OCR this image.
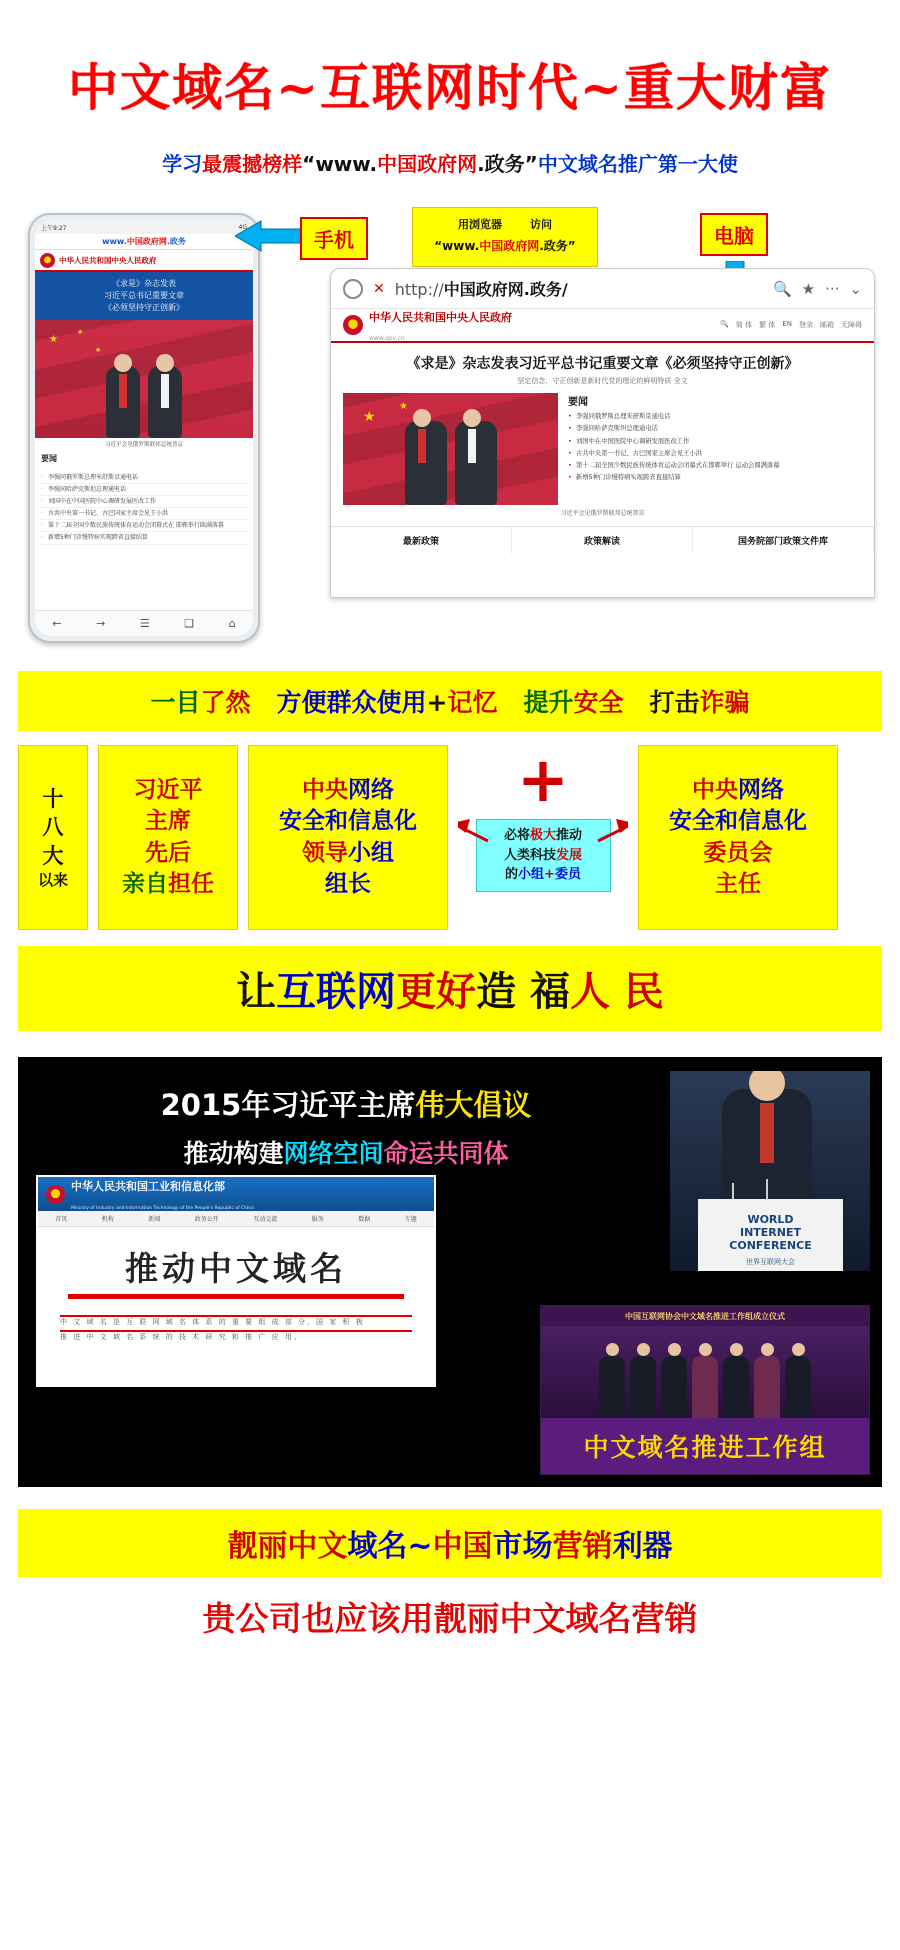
中文域名~互联网时代~重大财富
学习最震撼榜样“www.中国政府网.政务”中文域名推广第一大使
上午9:27	4G
www. 中国政府网 .政务
中华人民共和国中央人民政府
《求是》杂志发表
习近平总书记重要文章
《必须坚持守正创新》
★
★
★
习近平会见俄罗斯联邦总统普京
要闻
· 李强同俄罗斯总理米舒斯京通电话
· 李强同哈萨克斯坦总理通电话
· 刘国中在中国医院中心调研发展医改工作
· 古共中央第一书记、古巴国家主席会见王小洪
· 第十二届全国少数民族传统体育运动会闭幕式在 邯郸举行圆满落幕
· 新增5种门诊慢特病实现跨省直接结算
←	→	☰	❑	⌂
手机
用浏览器	访问
“www.中国政府网.政务”	电脑
✕ http://中国政府网.政务/	🔍 ★ ··· ⌄
中华人民共和国中央人民政府
www.gov.cn
🔍 简 体 繁 体 EN 登录 邮箱 无障碍
《求是》杂志发表习近平总书记重要文章《必须坚持守正创新》
坚定信念，守正创新是新时代党的理论的鲜明特质 全文
★
★	要闻
• 李强同俄罗斯总理米舒斯京通电话
• 李强同哈萨克斯坦总理通电话
• 刘国中在中国医院中心调研发展医改工作
• 古共中央第一书记、古巴国家主席会见王小洪
• 第十二届全国少数民族传统体育运动会闭幕式在邯郸举行 运动会圆满落幕
• 新增5种门诊慢特病实现跨省直接结算
习近平会见俄罗斯联邦总统普京
最新政策	政策解读	国务院部门政策文件库
一目了然 方便群众使用+记忆 提升安全 打击诈骗
十
八
大
以来
习近平
主席
先后
亲自担任
中央网络
安全和信息化
领导小组
组长
+
必将极大推动
人类科技发展
的小组+委员
中央网络
安全和信息化
委员会
主任
让互联网更好造 福人 民
2015年习近平主席伟大倡议
推动构建网络空间命运共同体
中华人民共和国工业和信息化部
Ministry of Industry and Information Technology of the People's Republic of China
首页	机构	新闻	政务公开	互动交流	服务	数据	专题
推动中文域名
中 文 域 名 是 互 联 网 域 名 体 系 的 重 要 组 成 部 分，国 家 积 极
推 进 中 文 域 名 系 统 的 技 术 研 究 和 推 广 应 用。
WORLD
INTERNET
CONFERENCE
世界互联网大会
中国互联网协会中文域名推进工作组成立仪式
中文域名推进工作组
靓丽中文域名~中国市场营销利器
贵公司也应该用靓丽中文域名营销
